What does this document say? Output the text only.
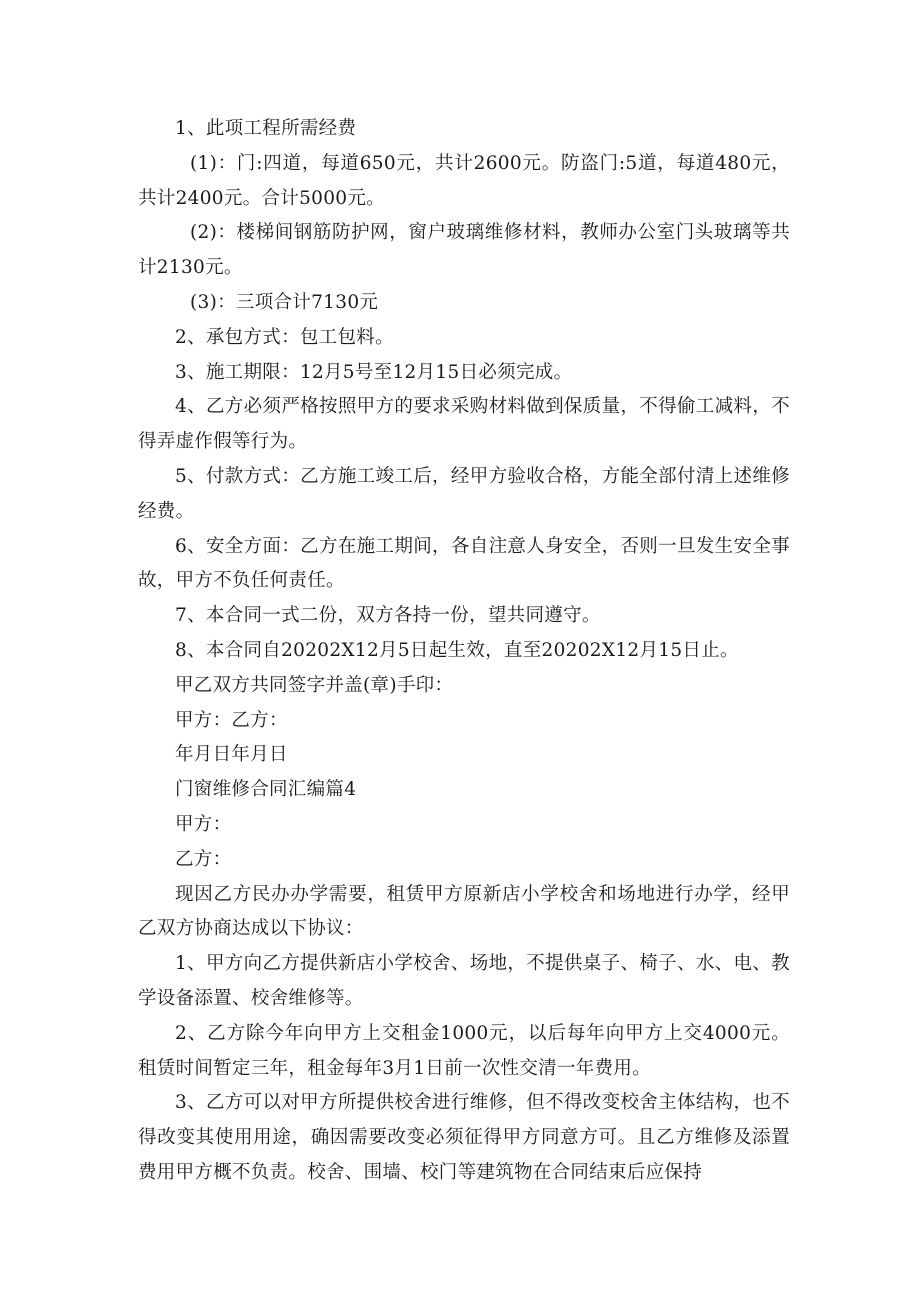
1、此项工程所需经费

(1)：门:四道，每道650元，共计2600元。防盗门:5道，每道480元，共计2400元。合计5000元。

(2)：楼梯间钢筋防护网，窗户玻璃维修材料，教师办公室门头玻璃等共计2130元。

(3)：三项合计7130元

2、承包方式：包工包料。

3、施工期限：12月5号至12月15日必须完成。

4、乙方必须严格按照甲方的要求采购材料做到保质量，不得偷工减料，不得弄虚作假等行为。

5、付款方式：乙方施工竣工后，经甲方验收合格，方能全部付清上述维修经费。

6、安全方面：乙方在施工期间，各自注意人身安全，否则一旦发生安全事故，甲方不负任何责任。

7、本合同一式二份，双方各持一份，望共同遵守。

8、本合同自20202X12月5日起生效，直至20202X12月15日止。

甲乙双方共同签字并盖(章)手印：

甲方：乙方：

年月日年月日

门窗维修合同汇编篇4

甲方：

乙方：

现因乙方民办办学需要，租赁甲方原新店小学校舍和场地进行办学，经甲乙双方协商达成以下协议：

1、甲方向乙方提供新店小学校舍、场地，不提供桌子、椅子、水、电、教学设备添置、校舍维修等。

2、乙方除今年向甲方上交租金1000元，以后每年向甲方上交4000元。租赁时间暂定三年，租金每年3月1日前一次性交清一年费用。

3、乙方可以对甲方所提供校舍进行维修，但不得改变校舍主体结构，也不得改变其使用用途，确因需要改变必须征得甲方同意方可。且乙方维修及添置费用甲方概不负责。校舍、围墙、校门等建筑物在合同结束后应保持
